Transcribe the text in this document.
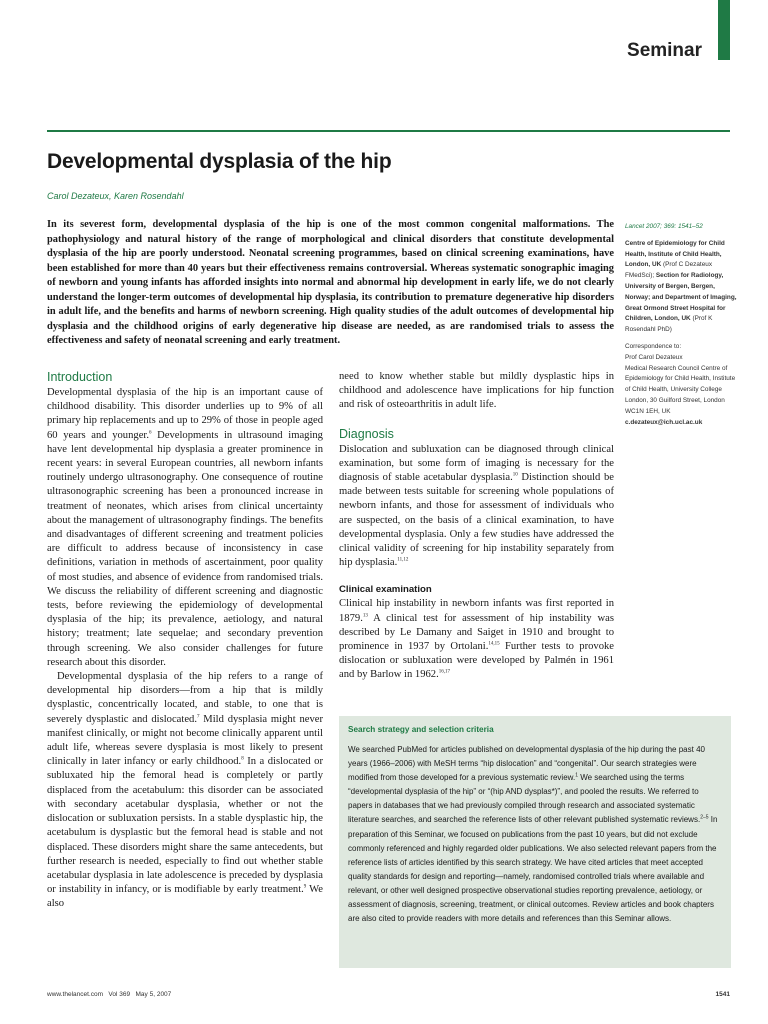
Seminar
Developmental dysplasia of the hip
Carol Dezateux, Karen Rosendahl

In its severest form, developmental dysplasia of the hip is one of the most common congenital malformations. The pathophysiology and natural history of the range of morphological and clinical disorders that constitute developmental dysplasia of the hip are poorly understood. Neonatal screening programmes, based on clinical screening examinations, have been established for more than 40 years but their effectiveness remains controversial. Whereas systematic sonographic imaging of newborn and young infants has afforded insights into normal and abnormal hip development in early life, we do not clearly understand the longer-term outcomes of developmental hip dysplasia, its contribution to premature degenerative hip disorders in adult life, and the benefits and harms of newborn screening. High quality studies of the adult outcomes of developmental hip dysplasia and the childhood origins of early degenerative hip disease are needed, as are randomised trials to assess the effectiveness and safety of neonatal screening and early treatment.

Lancet 2007; 369: 1541–52
Centre of Epidemiology for Child Health, Institute of Child Health, London, UK (Prof C Dezateux FMedSci); Section for Radiology, University of Bergen, Bergen, Norway; and Department of Imaging, Great Ormond Street Hospital for Children, London, UK (Prof K Rosendahl PhD)
Correspondence to:
Prof Carol Dezateux
Medical Research Council Centre of Epidemiology for Child Health, Institute of Child Health, University College London, 30 Guilford Street, London WC1N 1EH, UK
c.dezateux@ich.ucl.ac.uk
Introduction

Developmental dysplasia of the hip is an important cause of childhood disability. This disorder underlies up to 9% of all primary hip replacements and up to 29% of those in people aged 60 years and younger.$^6$ Developments in ultrasound imaging have lent developmental hip dysplasia a greater prominence in recent years: in several European countries, all newborn infants routinely undergo ultrasonography. One consequence of routine ultrasonographic screening has been a pronounced increase in treatment of neonates, which arises from clinical uncertainty about the management of ultrasonography findings. The benefits and disadvantages of different screening and treatment policies are difficult to address because of inconsistency in case definitions, variation in methods of ascertainment, poor quality of most studies, and absence of evidence from randomised trials. We discuss the reliability of different screening and diagnostic tests, before reviewing the epidemiology of developmental dysplasia of the hip; its prevalence, aetiology, and natural history; treatment; late sequelae; and secondary prevention through screening. We also consider challenges for future research about this disorder.

Developmental dysplasia of the hip refers to a range of developmental hip disorders—from a hip that is mildly dysplastic, concentrically located, and stable, to one that is severely dysplastic and dislocated.$^7$ Mild dysplasia might never manifest clinically, or might not become clinically apparent until adult life, whereas severe dysplasia is most likely to present clinically in later infancy or early childhood.$^8$ In a dislocated or subluxated hip the femoral head is completely or partly displaced from the acetabulum: this disorder can be associated with secondary acetabular dysplasia, whether or not the dislocation or subluxation persists. In a stable dysplastic hip, the acetabulum is dysplastic but the femoral head is stable and not displaced. These disorders might share the same antecedents, but further research is needed, especially to find out whether stable acetabular dysplasia in late adolescence is preceded by dysplasia or instability in infancy, or is modifiable by early treatment.$^9$ We also

need to know whether stable but mildly dysplastic hips in childhood and adolescence have implications for hip function and risk of osteoarthritis in adult life.

Diagnosis

Dislocation and subluxation can be diagnosed through clinical examination, but some form of imaging is necessary for the diagnosis of stable acetabular dysplasia.$^{10}$ Distinction should be made between tests suitable for screening whole populations of newborn infants, and those for assessment of individuals who are suspected, on the basis of a clinical examination, to have developmental dysplasia. Only a few studies have addressed the clinical validity of screening for hip instability separately from hip dysplasia.$^{11,12}$

Clinical examination

Clinical hip instability in newborn infants was first reported in 1879.13 A clinical test for assessment of hip instability was described by Le Damany and Saiget in 1910 and brought to prominence in 1937 by Ortolani.$^{14,15}$ Further tests to provoke dislocation or subluxation were developed by Palmén in 1961 and by Barlow in 1962.$^{16,17}$

Search strategy and selection criteria

We searched PubMed for articles published on developmental dysplasia of the hip during the past 40 years (1966–2006) with MeSH terms “hip dislocation” and “congenital”. Our search strategies were modified from those developed for a previous systematic review.$^1$ We searched using the terms “developmental dysplasia of the hip” or “(hip AND dysplas*)”, and pooled the results. We referred to papers in databases that we had previously compiled through research and associated systematic literature searches, and searched the reference lists of other relevant published systematic reviews.$^{2-5}$ In preparation of this Seminar, we focused on publications from the past 10 years, but did not exclude commonly referenced and highly regarded older publications. We also selected relevant papers from the reference lists of articles identified by this search strategy. We have cited articles that meet accepted quality standards for design and reporting—namely, randomised controlled trials where available and relevant, or other well designed prospective observational studies reporting prevalence, aetiology, or assessment of diagnosis, screening, treatment, or clinical outcomes. Review articles and book chapters are also cited to provide readers with more details and references than this Seminar allows.

www.thelancet.com   Vol 369   May 5, 2007	1541
